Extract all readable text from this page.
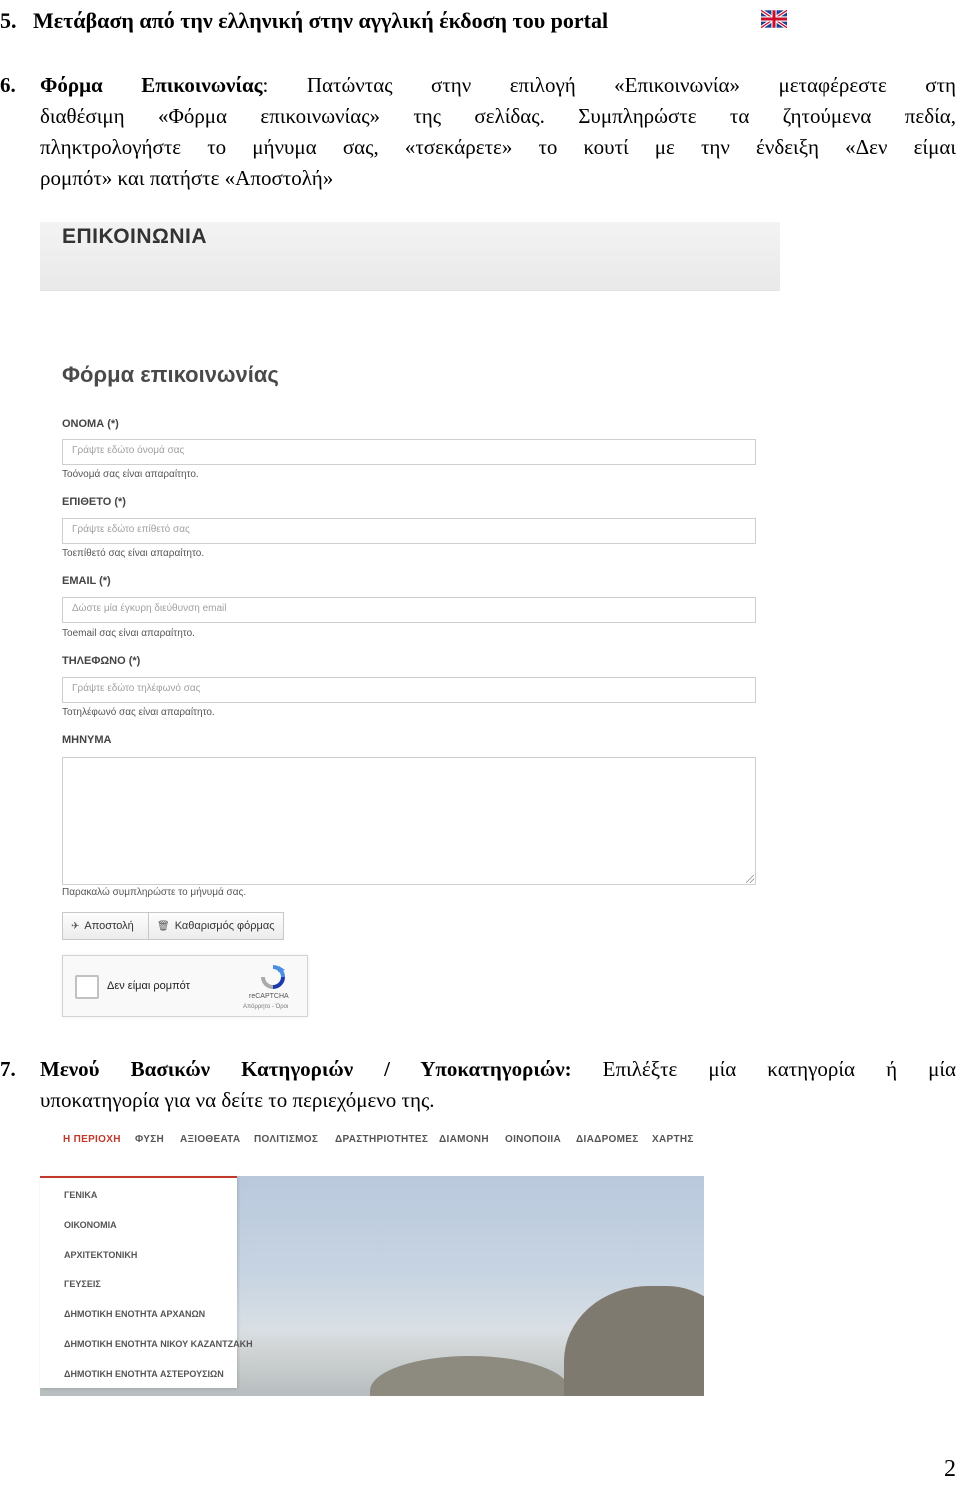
5. Μετάβαση από την ελληνική στην αγγλική έκδοση του portal
6. Φόρμα Επικοινωνίας: Πατώντας στην επιλογή «Επικοινωνία» μεταφέρεστε στη
διαθέσιμη «Φόρμα επικοινωνίας» της σελίδας. Συμπληρώστε τα ζητούμενα πεδία,
πληκτρολογήστε το μήνυμα σας, «τσεκάρετε» το κουτί με την ένδειξη «Δεν είμαι
ρομπότ» και πατήστε «Αποστολή»
ΕΠΙΚΟΙΝΩΝΙΑ
Φόρμα επικοινωνίας
ΟΝΟΜΑ (*)
Γράψτε εδώτο όνομά σας
Τοόνομά σας είναι απαραίτητο.
ΕΠΙΘΕΤΟ (*)
Γράψτε εδώτο επίθετό σας
Τοεπίθετό σας είναι απαραίτητο.
EMAIL (*)
Δώστε μία έγκυρη διεύθυνση email
Τοemail σας είναι απαραίτητο.
ΤΗΛΕΦΩΝΟ (*)
Γράψτε εδώτο τηλέφωνό σας
Τοτηλέφωνό σας είναι απαραίτητο.
ΜΗΝΥΜΑ
Παρακαλώ συμπληρώστε το μήνυμά σας.
✈ Αποστολή 🗑 Καθαρισμός φόρμας
Δεν είμαι ρομπότ
reCAPTCHA
Απόρρητο - Όροι
7. Μενού Βασικών Κατηγοριών / Υποκατηγοριών: Επιλέξτε μία κατηγορία ή μία
υποκατηγορία για να δείτε το περιεχόμενο της.
Η ΠΕΡΙΟΧΗ ΦΥΣΗ ΑΞΙΟΘΕΑΤΑ ΠΟΛΙΤΙΣΜΟΣ ΔΡΑΣΤΗΡΙΟΤΗΤΕΣ ΔΙΑΜΟΝΗ ΟΙΝΟΠΟΙΙΑ ΔΙΑΔΡΟΜΕΣ ΧΑΡΤΗΣ
ΓΕΝΙΚΑ
ΟΙΚΟΝΟΜΙΑ
ΑΡΧΙΤΕΚΤΟΝΙΚΗ
ΓΕΥΣΕΙΣ
ΔΗΜΟΤΙΚΗ ΕΝΟΤΗΤΑ ΑΡΧΑΝΩΝ
ΔΗΜΟΤΙΚΗ ΕΝΟΤΗΤΑ ΝΙΚΟΥ ΚΑΖΑΝΤΖΑΚΗ
ΔΗΜΟΤΙΚΗ ΕΝΟΤΗΤΑ ΑΣΤΕΡΟΥΣΙΩΝ
2
